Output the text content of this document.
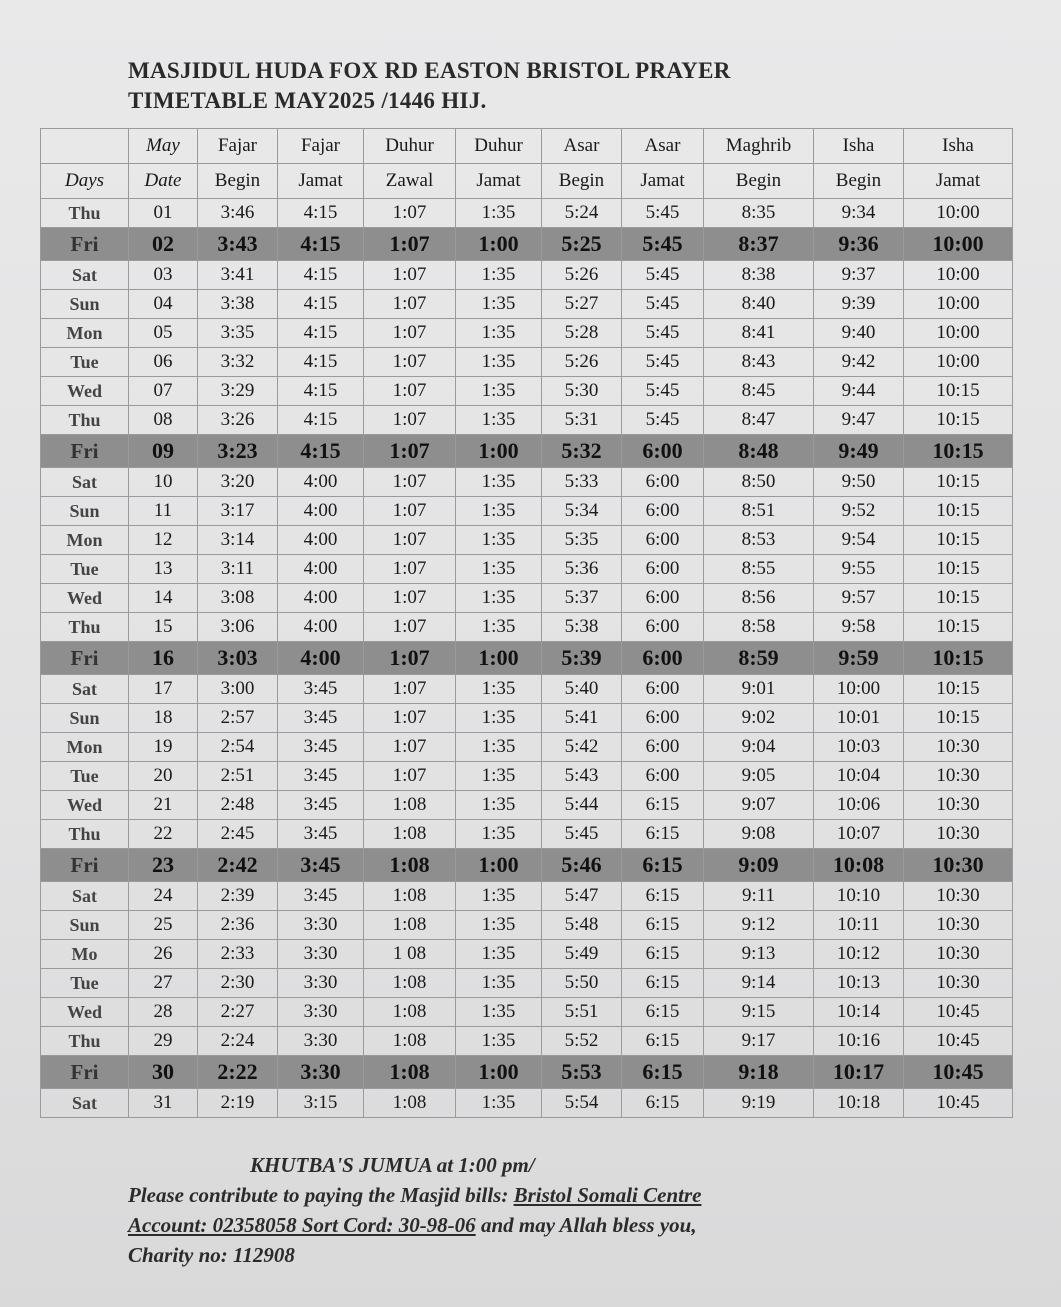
MASJIDUL HUDA FOX RD EASTON BRISTOL PRAYER
TIMETABLE MAY2025 /1446 HIJ.
	May	Fajar	Fajar	Duhur	Duhur	Asar	Asar	Maghrib	Isha	Isha
Days	Date	Begin	Jamat	Zawal	Jamat	Begin	Jamat	Begin	Begin	Jamat
Thu	01	3:46	4:15	1:07	1:35	5:24	5:45	8:35	9:34	10:00
Fri	02	3:43	4:15	1:07	1:00	5:25	5:45	8:37	9:36	10:00
Sat	03	3:41	4:15	1:07	1:35	5:26	5:45	8:38	9:37	10:00
Sun	04	3:38	4:15	1:07	1:35	5:27	5:45	8:40	9:39	10:00
Mon	05	3:35	4:15	1:07	1:35	5:28	5:45	8:41	9:40	10:00
Tue	06	3:32	4:15	1:07	1:35	5:26	5:45	8:43	9:42	10:00
Wed	07	3:29	4:15	1:07	1:35	5:30	5:45	8:45	9:44	10:15
Thu	08	3:26	4:15	1:07	1:35	5:31	5:45	8:47	9:47	10:15
Fri	09	3:23	4:15	1:07	1:00	5:32	6:00	8:48	9:49	10:15
Sat	10	3:20	4:00	1:07	1:35	5:33	6:00	8:50	9:50	10:15
Sun	11	3:17	4:00	1:07	1:35	5:34	6:00	8:51	9:52	10:15
Mon	12	3:14	4:00	1:07	1:35	5:35	6:00	8:53	9:54	10:15
Tue	13	3:11	4:00	1:07	1:35	5:36	6:00	8:55	9:55	10:15
Wed	14	3:08	4:00	1:07	1:35	5:37	6:00	8:56	9:57	10:15
Thu	15	3:06	4:00	1:07	1:35	5:38	6:00	8:58	9:58	10:15
Fri	16	3:03	4:00	1:07	1:00	5:39	6:00	8:59	9:59	10:15
Sat	17	3:00	3:45	1:07	1:35	5:40	6:00	9:01	10:00	10:15
Sun	18	2:57	3:45	1:07	1:35	5:41	6:00	9:02	10:01	10:15
Mon	19	2:54	3:45	1:07	1:35	5:42	6:00	9:04	10:03	10:30
Tue	20	2:51	3:45	1:07	1:35	5:43	6:00	9:05	10:04	10:30
Wed	21	2:48	3:45	1:08	1:35	5:44	6:15	9:07	10:06	10:30
Thu	22	2:45	3:45	1:08	1:35	5:45	6:15	9:08	10:07	10:30
Fri	23	2:42	3:45	1:08	1:00	5:46	6:15	9:09	10:08	10:30
Sat	24	2:39	3:45	1:08	1:35	5:47	6:15	9:11	10:10	10:30
Sun	25	2:36	3:30	1:08	1:35	5:48	6:15	9:12	10:11	10:30
Mo	26	2:33	3:30	1 08	1:35	5:49	6:15	9:13	10:12	10:30
Tue	27	2:30	3:30	1:08	1:35	5:50	6:15	9:14	10:13	10:30
Wed	28	2:27	3:30	1:08	1:35	5:51	6:15	9:15	10:14	10:45
Thu	29	2:24	3:30	1:08	1:35	5:52	6:15	9:17	10:16	10:45
Fri	30	2:22	3:30	1:08	1:00	5:53	6:15	9:18	10:17	10:45
Sat	31	2:19	3:15	1:08	1:35	5:54	6:15	9:19	10:18	10:45
KHUTBA'S JUMUA at 1:00 pm/
Please contribute to paying the Masjid bills: Bristol Somali Centre
Account: 02358058 Sort Cord: 30-98-06 and may Allah bless you,
Charity no: 112908
